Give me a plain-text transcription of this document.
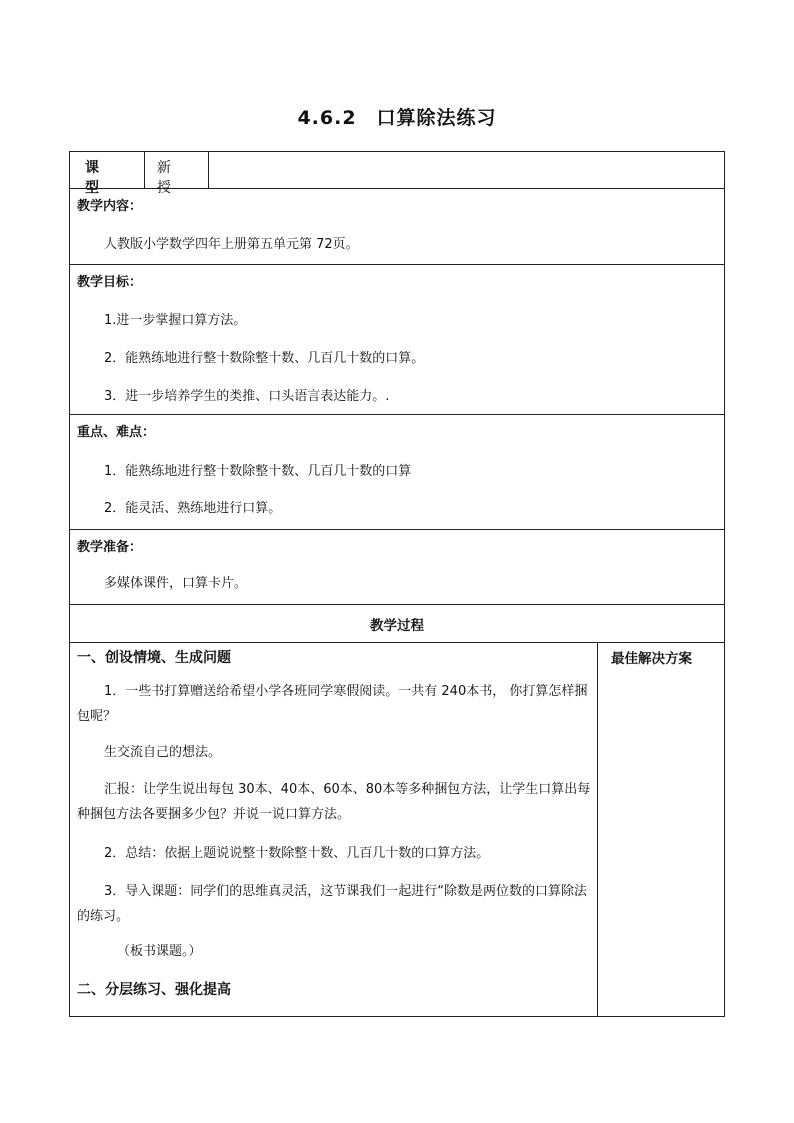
4.6.2　口算除法练习
课　型
新　授
教学内容：
人教版小学数学四年上册第五单元第 72页。
教学目标：
1.进一步掌握口算方法。
2．能熟练地进行整十数除整十数、几百几十数的口算。
3．进一步培养学生的类推、口头语言表达能力。.
重点、难点：
1．能熟练地进行整十数除整十数、几百几十数的口算
2．能灵活、熟练地进行口算。
教学准备：
多媒体课件，口算卡片。
教学过程
一、创设情境、生成问题	最佳解决方案
1．一些书打算赠送给希望小学各班同学寒假阅读。一共有 240本书， 你打算怎样捆包呢？
生交流自己的想法。
汇报：让学生说出每包 30本、40本、60本、80本等多种捆包方法，让学生口算出每种捆包方法各要捆多少包？并说一说口算方法。
2．总结：依据上题说说整十数除整十数、几百几十数的口算方法。
3．导入课题：同学们的思维真灵活，这节课我们一起进行“除数是两位数的口算除法的练习。
（板书课题。）
二、分层练习、强化提高
